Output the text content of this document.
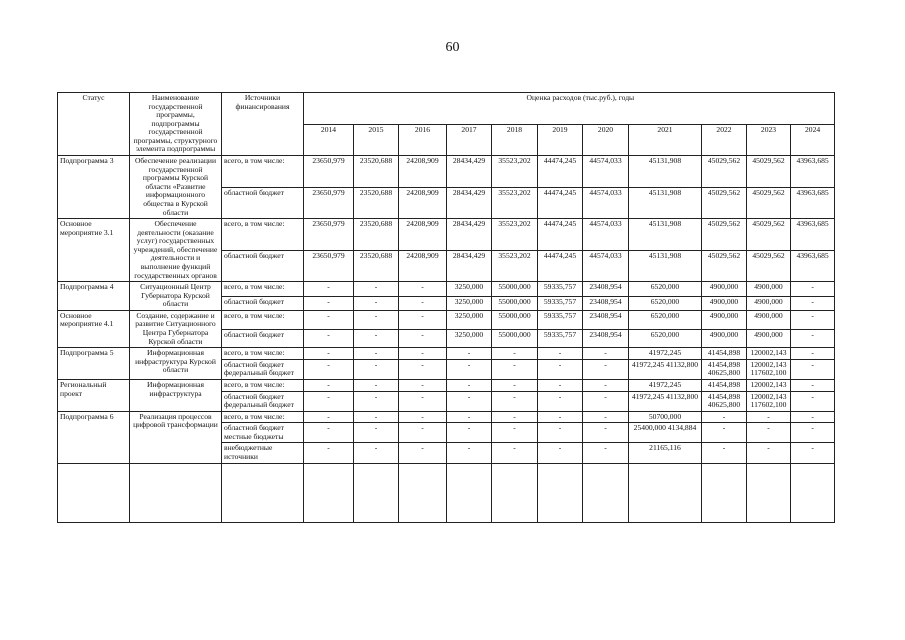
60
Статус	Наименование государственной программы, подпрограммы государственной программы, структурного элемента подпрограммы	Источники финансирования	Оценка расходов (тыс.руб.), годы										
			2014	2015	2016	2017	2018	2019	2020	2021	2022	2023	2024
Подпрограмма 3	Обеспечение реализации государственной программы Курской области «Развитие информационного общества в Курской области	всего, в том числе:	23650,979	23520,688	24208,909	28434,429	35523,202	44474,245	44574,033	45131,908	45029,562	45029,562	43963,685
		областной бюджет	23650,979	23520,688	24208,909	28434,429	35523,202	44474,245	44574,033	45131,908	45029,562	45029,562	43963,685
Основное мероприятие 3.1	Обеспечение деятельности (оказание услуг) государственных учреждений, обеспечение деятельности и выполнение функций государственных органов	всего, в том числе:	23650,979	23520,688	24208,909	28434,429	35523,202	44474,245	44574,033	45131,908	45029,562	45029,562	43963,685
		областной бюджет	23650,979	23520,688	24208,909	28434,429	35523,202	44474,245	44574,033	45131,908	45029,562	45029,562	43963,685
Подпрограмма 4	Ситуационный Центр Губернатора Курской области	всего, в том числе:	-	-	-	3250,000	55000,000	59335,757	23408,954	6520,000	4900,000	4900,000	-
		областной бюджет	-	-	-	3250,000	55000,000	59335,757	23408,954	6520,000	4900,000	4900,000	-
Основное мероприятие 4.1	Создание, содержание и развитие Ситуационного Центра Губернатора Курской области	всего, в том числе:	-	-	-	3250,000	55000,000	59335,757	23408,954	6520,000	4900,000	4900,000	-
		областной бюджет	-	-	-	3250,000	55000,000	59335,757	23408,954	6520,000	4900,000	4900,000	-
Подпрограмма 5	Информационная инфраструктура Курской области	всего, в том числе:	-	-	-	-	-	-	-	41972,245	41454,898	120002,143	-
		областной бюджет федеральный бюджет	-	-	-	-	-	-	-	41972,245 41132,800	41454,898 40625,800	120002,143 117602,100	-
Региональный проект	Информационная инфраструктура	всего, в том числе:	-	-	-	-	-	-	-	41972,245	41454,898	120002,143	-
		областной бюджет федеральный бюджет	-	-	-	-	-	-	-	41972,245 41132,800	41454,898 40625,800	120002,143 117602,100	-
Подпрограмма 6	Реализация процессов цифровой трансформации	всего, в том числе:	-	-	-	-	-	-	-	50700,000	-	-	-
		областной бюджет местные бюджеты	-	-	-	-	-	-	-	25400,000 4134,884	-	-	-
		внебюджетные источники	-	-	-	-	-	-	-	21165,116	-	-	-
